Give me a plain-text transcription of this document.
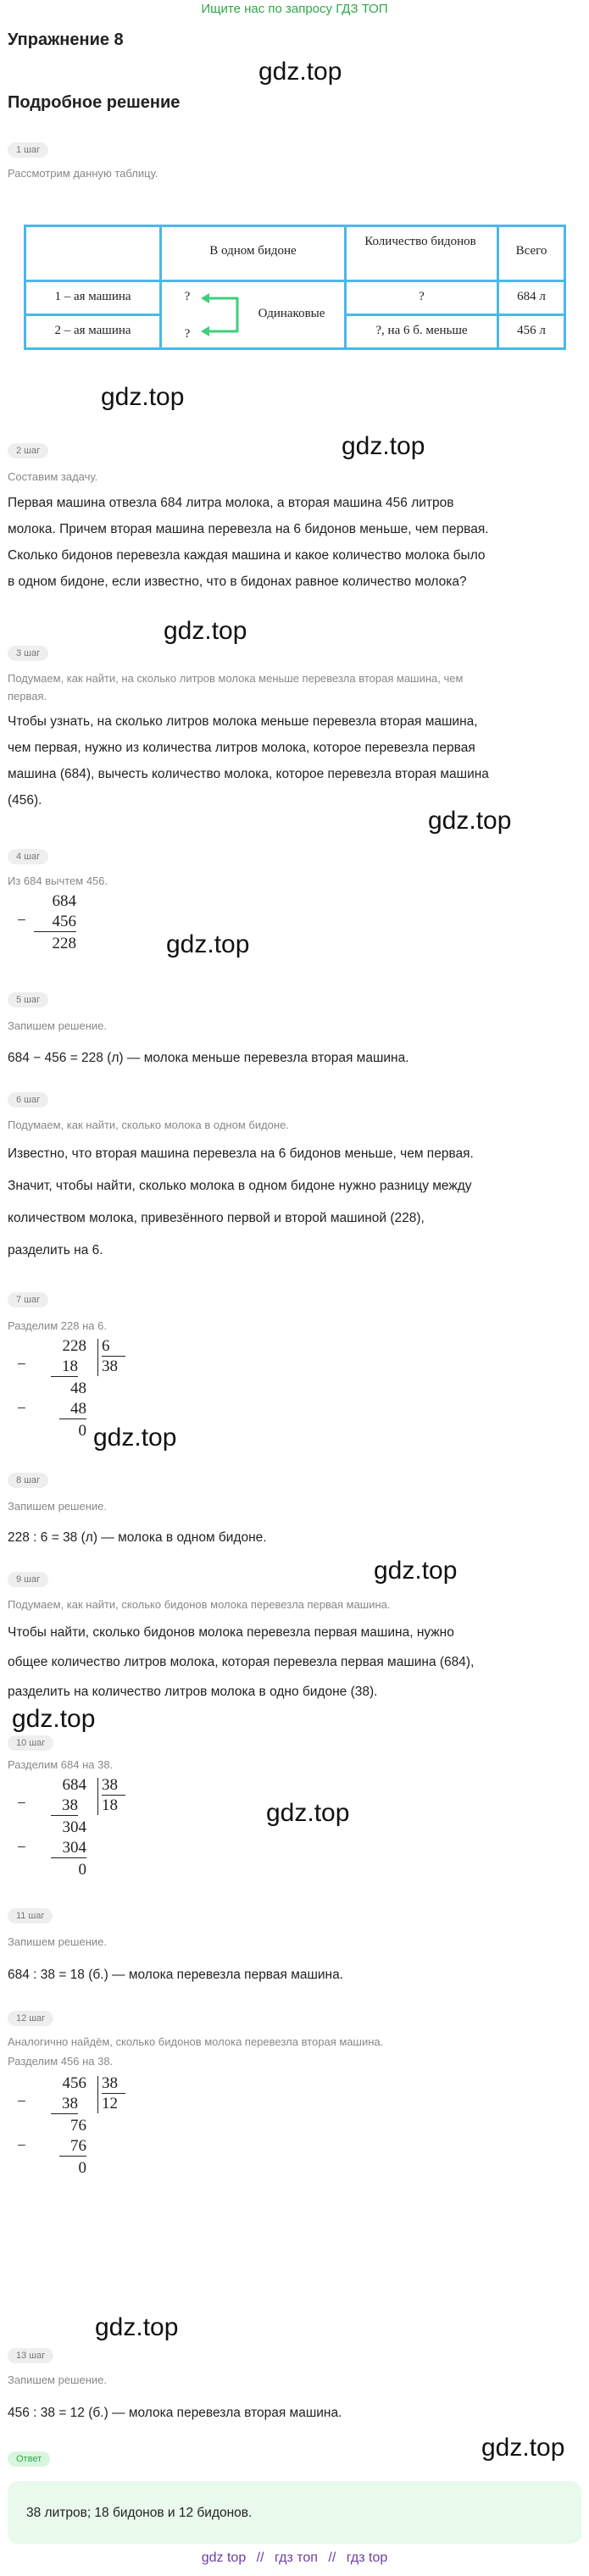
Ищите нас по запросу ГДЗ ТОП
Упражнение 8
gdz.top
Подробное решение
1 шаг
Рассмотрим данную таблицу.
В одном бидоне
Количество бидонов
Всего
1 – ая машина
2 – ая машина
?
?
Одинаковые
?
?, на 6 б. меньше
684 л
456 л
gdz.top
gdz.top
2 шаг
Составим задачу.
Первая машина отвезла 684 литра молока, а вторая машина 456 литров
молока. Причем вторая машина перевезла на 6 бидонов меньше, чем первая.
Сколько бидонов перевезла каждая машина и какое количество молока было
в одном бидоне, если известно, что в бидонах равное количество молока?
gdz.top
3 шаг
Подумаем, как найти, на сколько литров молока меньше перевезла вторая машина, чем
первая.
Чтобы узнать, на сколько литров молока меньше перевезла вторая машина,
чем первая, нужно из количества литров молока, которое перевезла первая
машина (684), вычесть количество молока, которое перевезла вторая машина
(456).
gdz.top
4 шаг
Из 684 вычтем 456.
−
684
456
228	gdz.top
5 шаг
Запишем решение.
684 − 456 = 228 (л) — молока меньше перевезла вторая машина.
6 шаг
Подумаем, как найти, сколько молока в одном бидоне.
Известно, что вторая машина перевезла на 6 бидонов меньше, чем первая.
Значит, чтобы найти, сколько молока в одном бидоне нужно разницу между
количеством молока, привезённого первой и второй машиной (228),
разделить на 6.
7 шаг
Разделим 228 на 6.
−
−
228
18
48
48
0
6
38
gdz.top
8 шаг
Запишем решение.
228 : 6 = 38 (л) — молока в одном бидоне.
gdz.top
9 шаг
Подумаем, как найти, сколько бидонов молока перевезла первая машина.
Чтобы найти, сколько бидонов молока перевезла первая машина, нужно
общее количество литров молока, которая перевезла первая машина (684),
разделить на количество литров молока в одно бидоне (38).
gdz.top
10 шаг
Разделим 684 на 38.
−
−
684
38
304
304
0
38
18	gdz.top
11 шаг
Запишем решение.
684 : 38 = 18 (б.) — молока перевезла первая машина.
12 шаг
Аналогично найдём, сколько бидонов молока перевезла вторая машина.
Разделим 456 на 38.
−
−
456
38
76
76
0
38
12
gdz.top
13 шаг
Запишем решение.
456 : 38 = 12 (б.) — молока перевезла вторая машина.
gdz.top
Ответ
38 литров; 18 бидонов и 12 бидонов.
gdz top // гдз топ // гдз top
